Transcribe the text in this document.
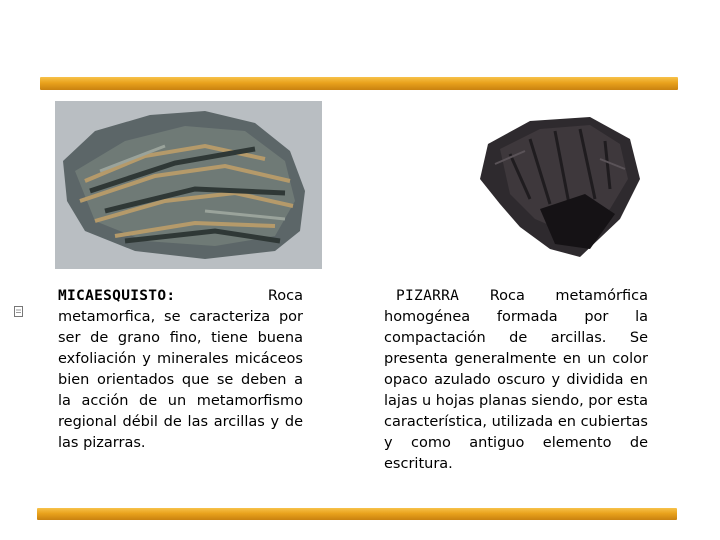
MICAESQUISTO: Roca metamorfica, se caracteriza por ser de grano fino, tiene buena exfoliación y minerales micáceos bien orientados que se deben a la acción de un metamorfismo regional débil de las arcillas y de las pizarras.

PIZARRA Roca metamórfica homogénea formada por la compactación de arcillas. Se presenta generalmente en un color opaco azulado oscuro y dividida en lajas u hojas planas siendo, por esta característica, utilizada en cubiertas y como antiguo elemento de escritura.
